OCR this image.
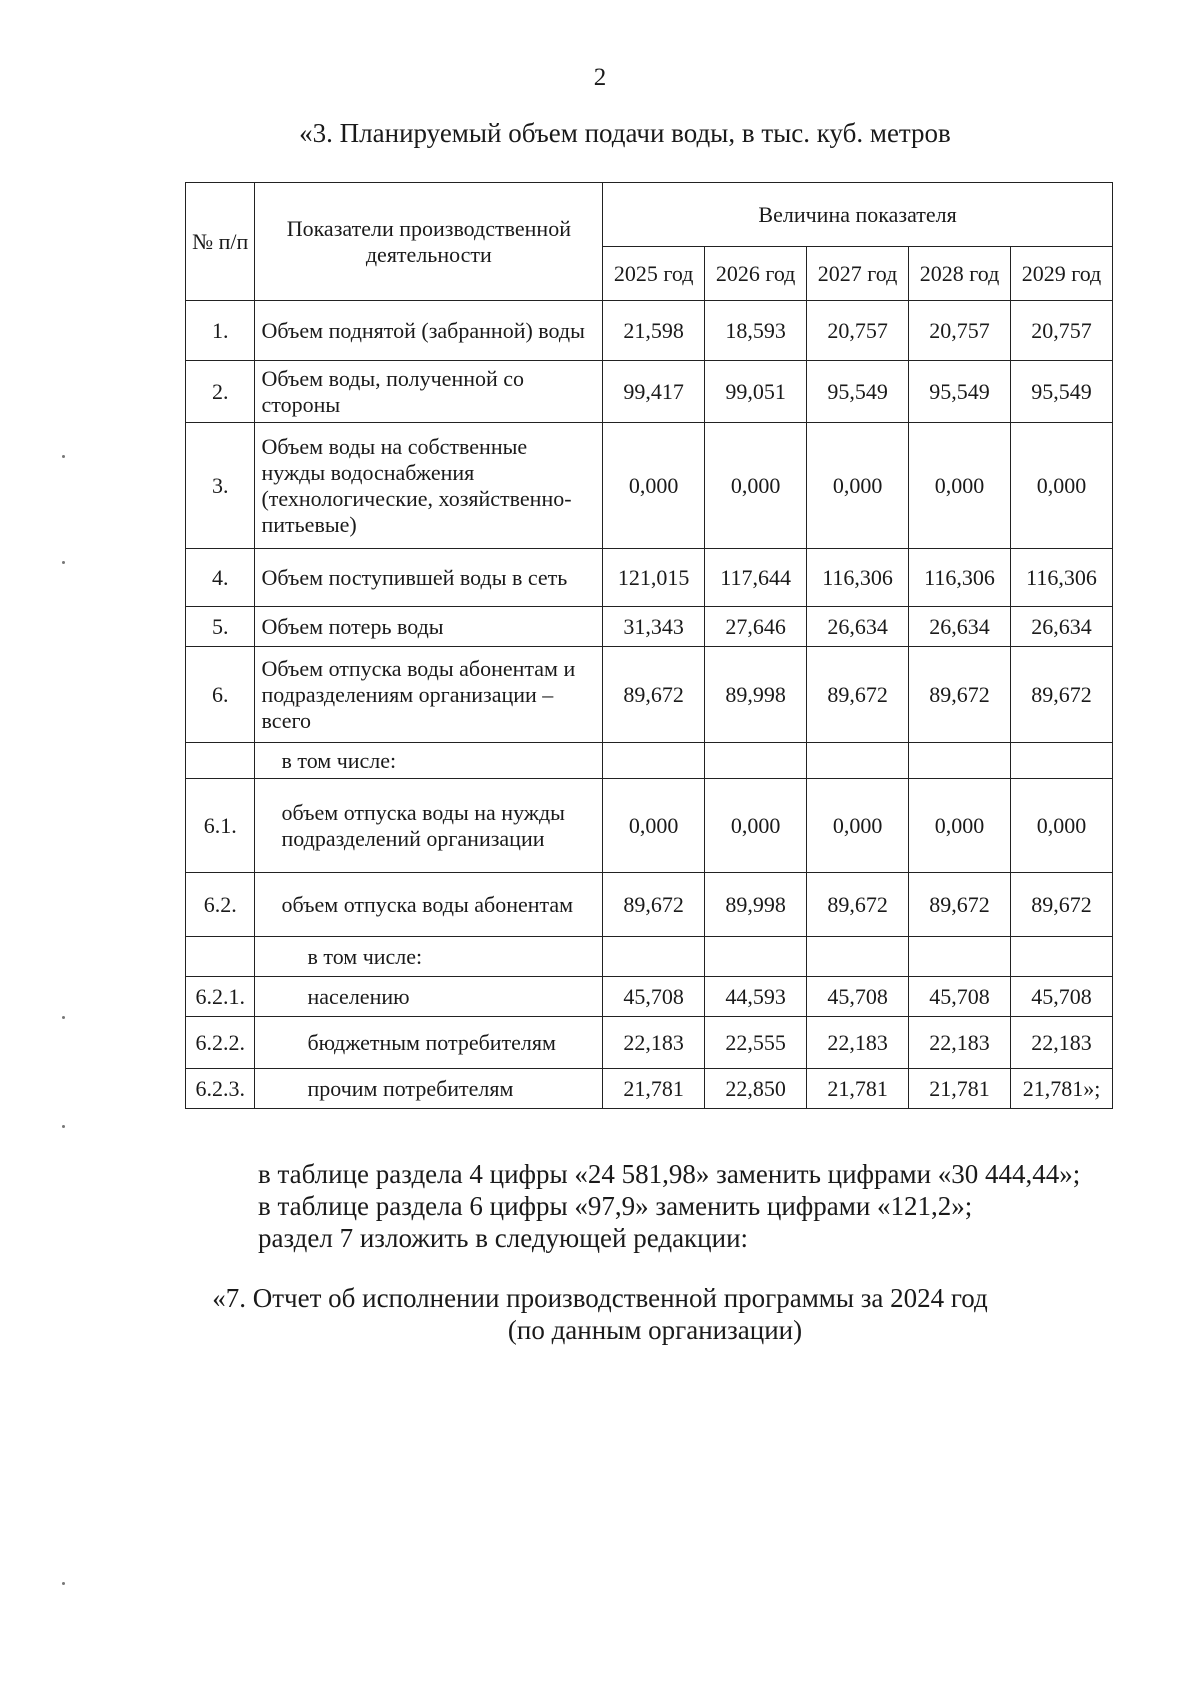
2
«3. Планируемый объем подачи воды, в тыс. куб. метров
№ п/п	Показатели производственной деятельности	Величина показателя				
		2025 год	2026 год	2027 год	2028 год	2029 год
1.	Объем поднятой (забранной) воды	21,598	18,593	20,757	20,757	20,757
2.	Объем воды, полученной со стороны	99,417	99,051	95,549	95,549	95,549
3.	Объем воды на собственные нужды водоснабжения (технологические, хозяйственно-питьевые)	0,000	0,000	0,000	0,000	0,000
4.	Объем поступившей воды в сеть	121,015	117,644	116,306	116,306	116,306
5.	Объем потерь воды	31,343	27,646	26,634	26,634	26,634
6.	Объем отпуска воды абонентам и подразделениям организации – всего	89,672	89,998	89,672	89,672	89,672
	в том числе:					
6.1.	объем отпуска воды на нужды подразделений организации	0,000	0,000	0,000	0,000	0,000
6.2.	объем отпуска воды абонентам	89,672	89,998	89,672	89,672	89,672
	в том числе:					
6.2.1.	населению	45,708	44,593	45,708	45,708	45,708
6.2.2.	бюджетным потребителям	22,183	22,555	22,183	22,183	22,183
6.2.3.	прочим потребителям	21,781	22,850	21,781	21,781	21,781»;
в таблице раздела 4 цифры «24 581,98» заменить цифрами «30 444,44»;
в таблице раздела 6 цифры «97,9» заменить цифрами «121,2»;
раздел 7 изложить в следующей редакции:
«7. Отчет об исполнении производственной программы за 2024 год
(по данным организации)
